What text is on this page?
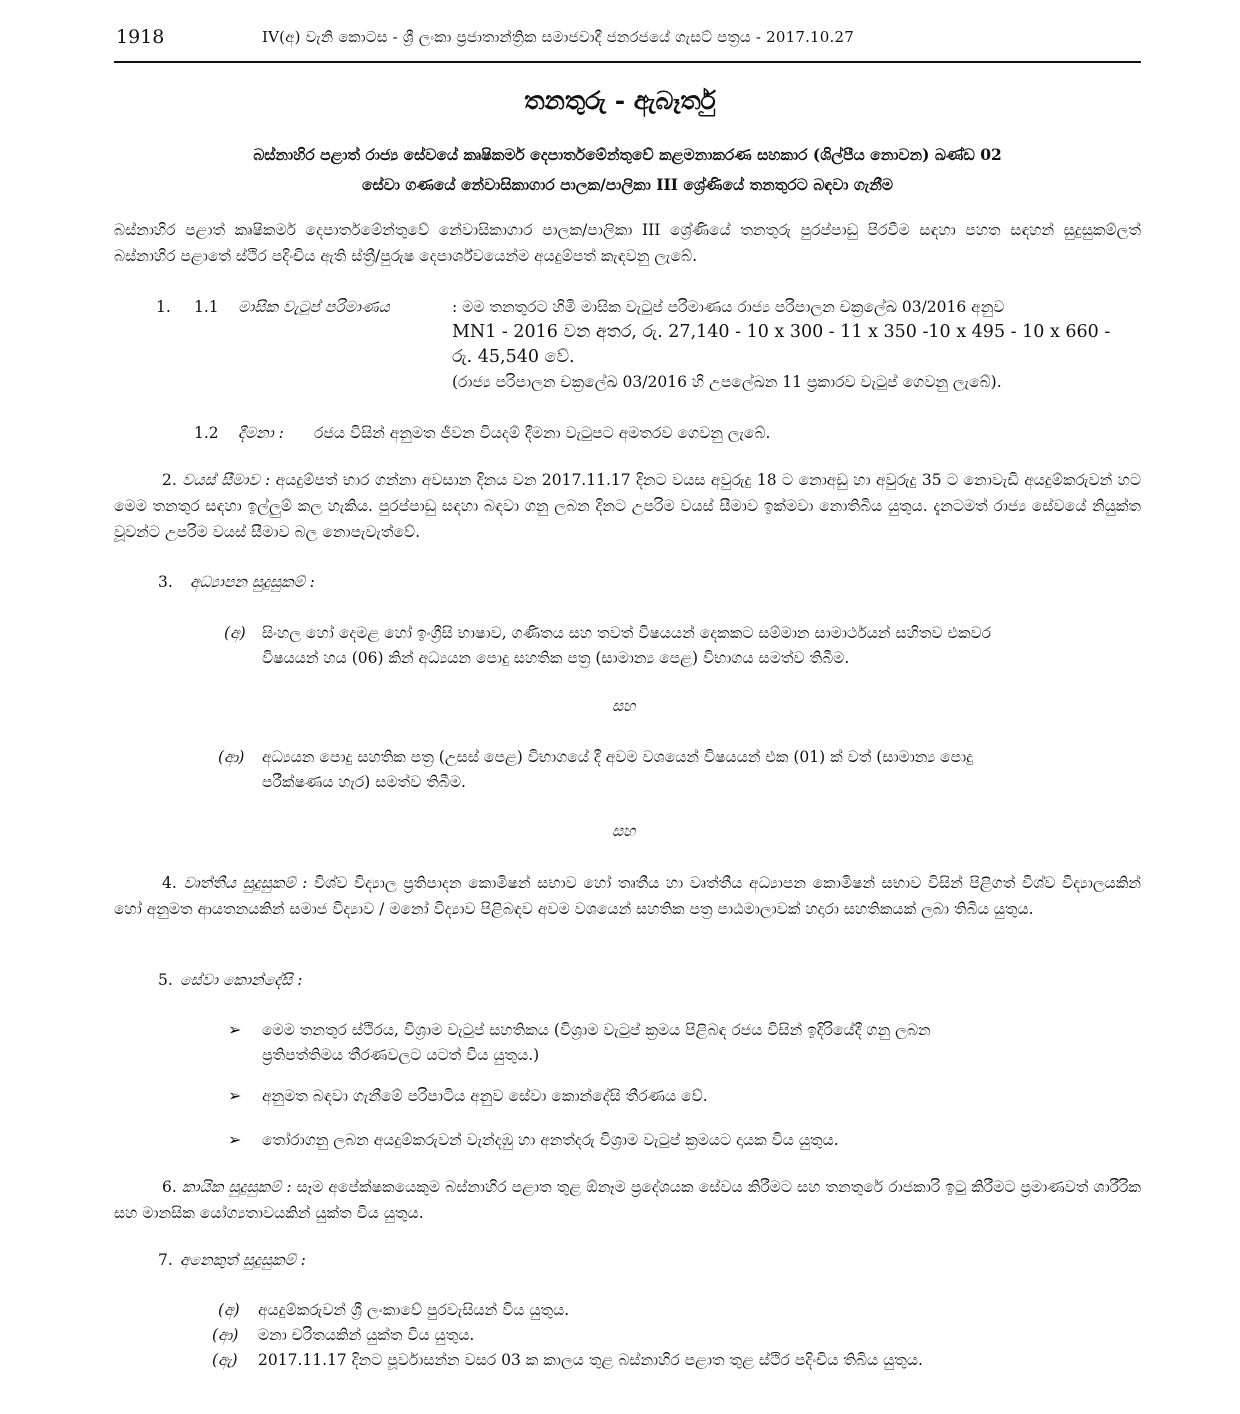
1918	IV(අ) වැනි කොටස - ශ්‍රී ලංකා ප්‍රජාතාන්ත්‍රික සමාජවාදී ජනරජයේ ගැසට් පත්‍රය - 2017.10.27
තනතුරු - ඇබෑර්තු
බස්නාහිර පළාත් රාජ්‍ය සේවයේ කෘෂිකර්ම දෙපාර්තමේන්තුවේ කළමනාකරණ සහකාර (ශිල්පීය නොවන) ඛණ්ඩ 02
සේවා ගණයේ නේවාසිකාගාර පාලක/පාලිකා III ශ්‍රේණියේ තනතුරට බඳවා ගැනීම
බස්නාහිර පළාත් කෘෂිකර්ම දෙපාර්තමේන්තුවේ නේවාසිකාගාර පාලක/පාලිකා III ශ්‍රේණියේ තනතුරු පුරප්පාඩු පිරවීම සඳහා පහත සඳහන් සුදුසුකම්ලත් බස්නාහිර පළාතේ ස්ථිර පදිංචිය ඇති ස්ත්‍රී/පුරුෂ දෙපාර්ශ්වයෙන්ම අයදුම්පත් කැඳවනු ලැබේ.
1. 1.1 මාසික වැටුප් පරිමාණය	: මම තනතුරට හිමි මාසික වැටුප් පරිමාණය රාජ්‍ය පරිපාලන චක්‍රලේඛ 03/2016 අනුව
MN1 - 2016 වන අතර, රු. 27,140 - 10 x 300 - 11 x 350 -10 x 495 - 10 x 660 -
රු. 45,540 වේ.
(රාජ්‍ය පරිපාලන චක්‍රලේඛ 03/2016 හි උපලේඛන 11 ප්‍රකාරව වැටුප් ගෙවනු ලැබේ).
1.2 දීමනා : රජය විසින් අනුමත ජීවන වියදම් දීමනා වැටුපට අමතරව ගෙවනු ලැබේ.
2. වයස් සීමාව : අයදුම්පත් භාර ගන්නා අවසාන දිනය වන 2017.11.17 දිනට වයස අවුරුදු 18 ට නොඅඩු හා අවුරුදු 35 ට නොවැඩි අයදුම්කරුවන් හට මෙම තනතුර සඳහා ඉල්ලුම් කල හැකිය. පුරප්පාඩු සඳහා බඳවා ගනු ලබන දිනට උපරිම වයස් සීමාව ඉක්මවා නොතිබිය යුතුය. දැනටමත් රාජ්‍ය සේවයේ නියුක්ත වූවන්ට උපරිම වයස් සීමාව බල නොපැවැත්වේ.
3. අධ්‍යාපන සුදුසුකම් :
(අ) සිංහල හෝ දෙමළ හෝ ඉංග්‍රීසි භාෂාව, ගණිතය සහ තවත් විෂයයන් දෙකකට සම්මාන සාමාර්ථයන් සහිතව එකවර
විෂයයන් හය (06) කින් අධ්‍යයන පොදු සහතික පත්‍ර (සාමාන්‍ය පෙළ) විභාගය සමත්ව තිබීම.
සහ
(ආ) අධ්‍යයන පොදු සහතික පත්‍ර (උසස් පෙළ) විභාගයේ දී අවම වශයෙන් විෂයයන් එක (01) ක් වත් (සාමාන්‍ය පොදු
පරීක්ෂණය හැර) සමත්ව තිබීම.
සහ
4. වෘත්තීය සුදුසුකම් : විශ්ව විද්‍යාල ප්‍රතිපාදන කොමිෂන් සභාව හෝ තෘතීය හා වෘත්තීය අධ්‍යාපන කොමිෂන් සභාව විසින් පිළිගත් විශ්ව විද්‍යාලයකින් හෝ අනුමත ආයතනයකින් සමාජ විද්‍යාව / මනෝ විද්‍යාව පිළිබඳව අවම වශයෙන් සහතික පත්‍ර පාඨමාලාවක් හදාරා සහතිකයක් ලබා තිබිය යුතුය.
5. සේවා කොන්දේසි :
➢ මෙම තනතුර ස්ථිරය, විශ්‍රාම වැටුප් සහතිකය (විශ්‍රාම වැටුප් ක්‍රමය පිළිබඳ රජය විසින් ඉදිරියේදී ගනු ලබන
ප්‍රතිපත්තිමය තීරණවලට යටත් විය යුතුය.)
➢ අනුමත බඳවා ගැනීමේ පරිපාටිය අනුව සේවා කොන්දේසි තීරණය වේ.
➢ තෝරාගනු ලබන අයදුම්කරුවන් වැන්දඹු හා අනත්දරු විශ්‍රාම වැටුප් ක්‍රමයට දායක විය යුතුය.
6. කායික සුදුසුකම් : සෑම අපේක්ෂකයෙකුම බස්නාහිර පළාත තුළ ඕනෑම ප්‍රදේශයක සේවය කිරීමට සහ තනතුරේ රාජකාරි ඉටු කිරීමට ප්‍රමාණවත් ශාරීරික සහ මානසික යෝග්‍යතාවයකින් යුක්ත විය යුතුය.
7. අනෙකුත් සුදුසුකම් :
(අ) අයදුම්කරුවන් ශ්‍රී ලංකාවේ පුරවැසියන් විය යුතුය.
(ආ) මනා චරිතයකින් යුක්ත විය යුතුය.
(ඇ) 2017.11.17 දිනට පූර්වාසන්න වසර 03 ක කාලය තුළ බස්නාහිර පළාත තුළ ස්ථිර පදිංචිය තිබිය යුතුය.
